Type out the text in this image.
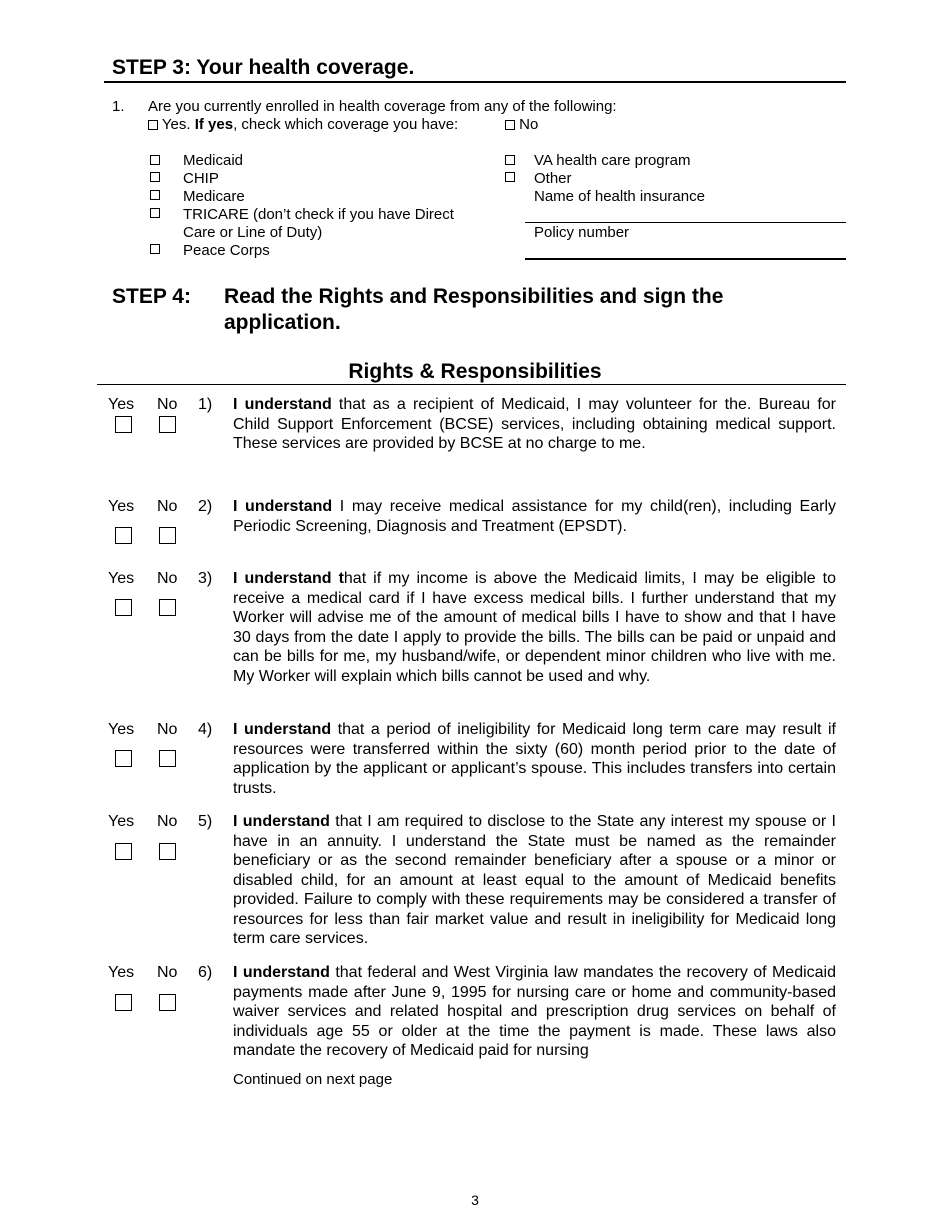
STEP 3: Your health coverage.
1. Are you currently enrolled in health coverage from any of the following:
Yes. If yes, check which coverage you have:	No
Medicaid
CHIP
Medicare
TRICARE (don’t check if you have Direct
Care or Line of Duty)
Peace Corps
VA health care program
Other
Name of health insurance
Policy number
STEP 4: Read the Rights and Responsibilities and sign the
application.
Rights & Responsibilities
Yes No 1) I understand that as a recipient of Medicaid, I may volunteer for the. Bureau for Child Support Enforcement (BCSE) services, including obtaining medical support. These services are provided by BCSE at no charge to me.
Yes No 2) I understand I may receive medical assistance for my child(ren), including Early Periodic Screening, Diagnosis and Treatment (EPSDT).
Yes No 3) I understand that if my income is above the Medicaid limits, I may be eligible to receive a medical card if I have excess medical bills. I further understand that my Worker will advise me of the amount of medical bills I have to show and that I have 30 days from the date I apply to provide the bills. The bills can be paid or unpaid and can be bills for me, my husband/wife, or dependent minor children who live with me. My Worker will explain which bills cannot be used and why.
Yes No 4) I understand that a period of ineligibility for Medicaid long term care may result if resources were transferred within the sixty (60) month period prior to the date of application by the applicant or applicant’s spouse. This includes transfers into certain trusts.
Yes No 5) I understand that I am required to disclose to the State any interest my spouse or I have in an annuity. I understand the State must be named as the remainder beneficiary or as the second remainder beneficiary after a spouse or a minor or disabled child, for an amount at least equal to the amount of Medicaid benefits provided. Failure to comply with these requirements may be considered a transfer of resources for less than fair market value and result in ineligibility for Medicaid long term care services.
Yes No 6) I understand that federal and West Virginia law mandates the recovery of Medicaid payments made after June 9, 1995 for nursing care or home and community-based waiver services and related hospital and prescription drug services on behalf of individuals age 55 or older at the time the payment is made. These laws also mandate the recovery of Medicaid paid for nursing
Continued on next page
3
